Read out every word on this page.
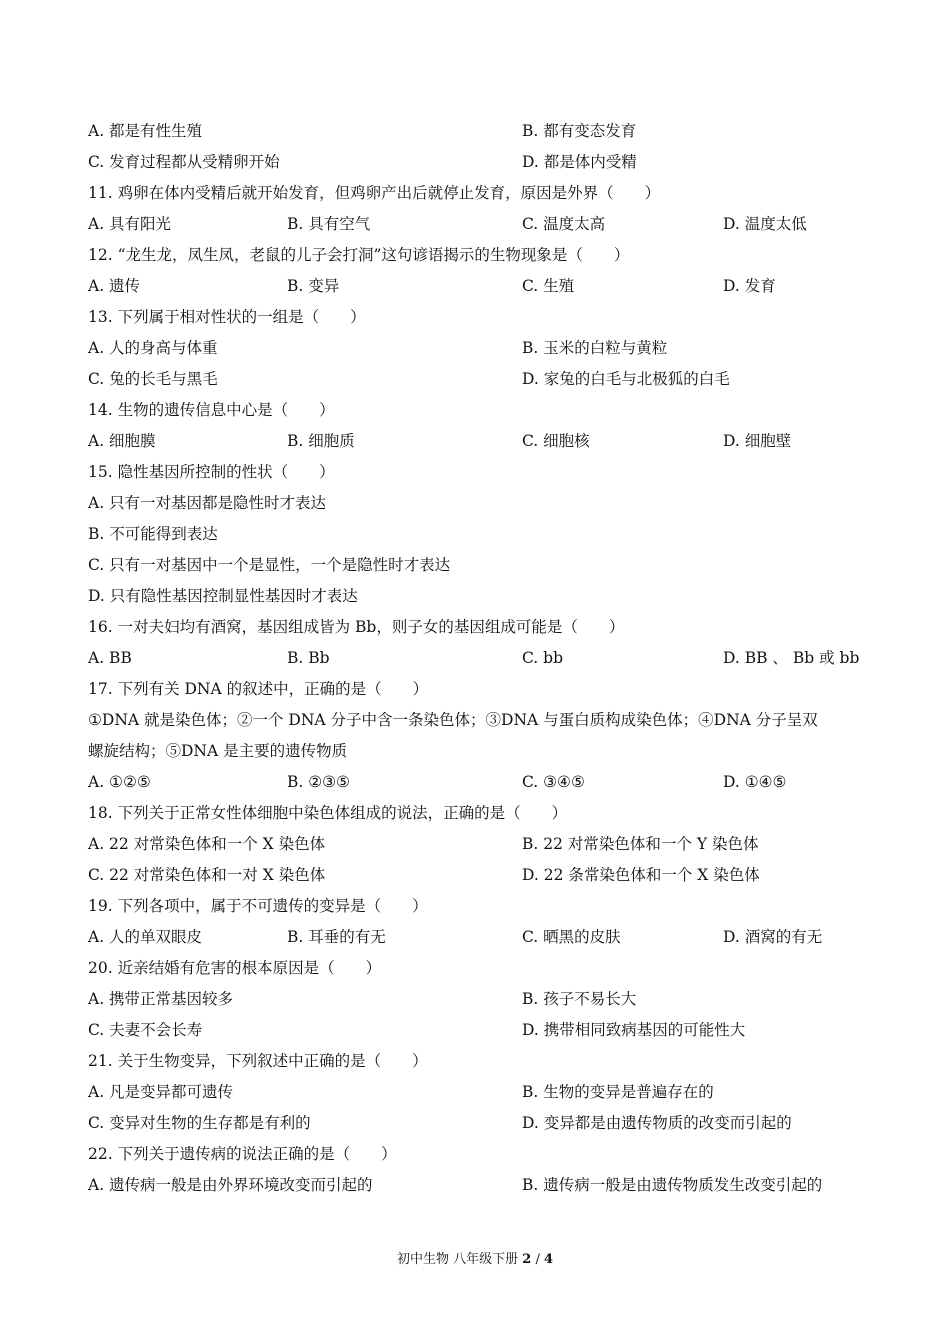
A. 都是有性生殖	B. 都有变态发育
C. 发育过程都从受精卵开始	D. 都是体内受精
11. 鸡卵在体内受精后就开始发育，但鸡卵产出后就停止发育，原因是外界（　　）
A. 具有阳光	B. 具有空气	C. 温度太高	D. 温度太低
12. “龙生龙，凤生凤，老鼠的儿子会打洞”这句谚语揭示的生物现象是（　　）
A. 遗传	B. 变异	C. 生殖	D. 发育
13. 下列属于相对性状的一组是（　　）
A. 人的身高与体重	B. 玉米的白粒与黄粒
C. 兔的长毛与黑毛	D. 家兔的白毛与北极狐的白毛
14. 生物的遗传信息中心是（　　）
A. 细胞膜	B. 细胞质	C. 细胞核	D. 细胞壁
15. 隐性基因所控制的性状（　　）
A. 只有一对基因都是隐性时才表达
B. 不可能得到表达
C. 只有一对基因中一个是显性，一个是隐性时才表达
D. 只有隐性基因控制显性基因时才表达
16. 一对夫妇均有酒窝，基因组成皆为 Bb，则子女的基因组成可能是（　　）
A. BB	B. Bb	C. bb	D. BB 、 Bb 或 bb
17. 下列有关 DNA 的叙述中，正确的是（　　）
①DNA 就是染色体；②一个 DNA 分子中含一条染色体；③DNA 与蛋白质构成染色体；④DNA 分子呈双
螺旋结构；⑤DNA 是主要的遗传物质
A. ①②⑤	B. ②③⑤	C. ③④⑤	D. ①④⑤
18. 下列关于正常女性体细胞中染色体组成的说法，正确的是（　　）
A. 22 对常染色体和一个 X 染色体	B. 22 对常染色体和一个 Y 染色体
C. 22 对常染色体和一对 X 染色体	D. 22 条常染色体和一个 X 染色体
19. 下列各项中，属于不可遗传的变异是（　　）
A. 人的单双眼皮	B. 耳垂的有无	C. 晒黑的皮肤	D. 酒窝的有无
20. 近亲结婚有危害的根本原因是（　　）
A. 携带正常基因较多	B. 孩子不易长大
C. 夫妻不会长寿	D. 携带相同致病基因的可能性大
21. 关于生物变异，下列叙述中正确的是（　　）
A. 凡是变异都可遗传	B. 生物的变异是普遍存在的
C. 变异对生物的生存都是有利的	D. 变异都是由遗传物质的改变而引起的
22. 下列关于遗传病的说法正确的是（　　）
A. 遗传病一般是由外界环境改变而引起的	B. 遗传病一般是由遗传物质发生改变引起的
初中生物 八年级下册 2 / 4
